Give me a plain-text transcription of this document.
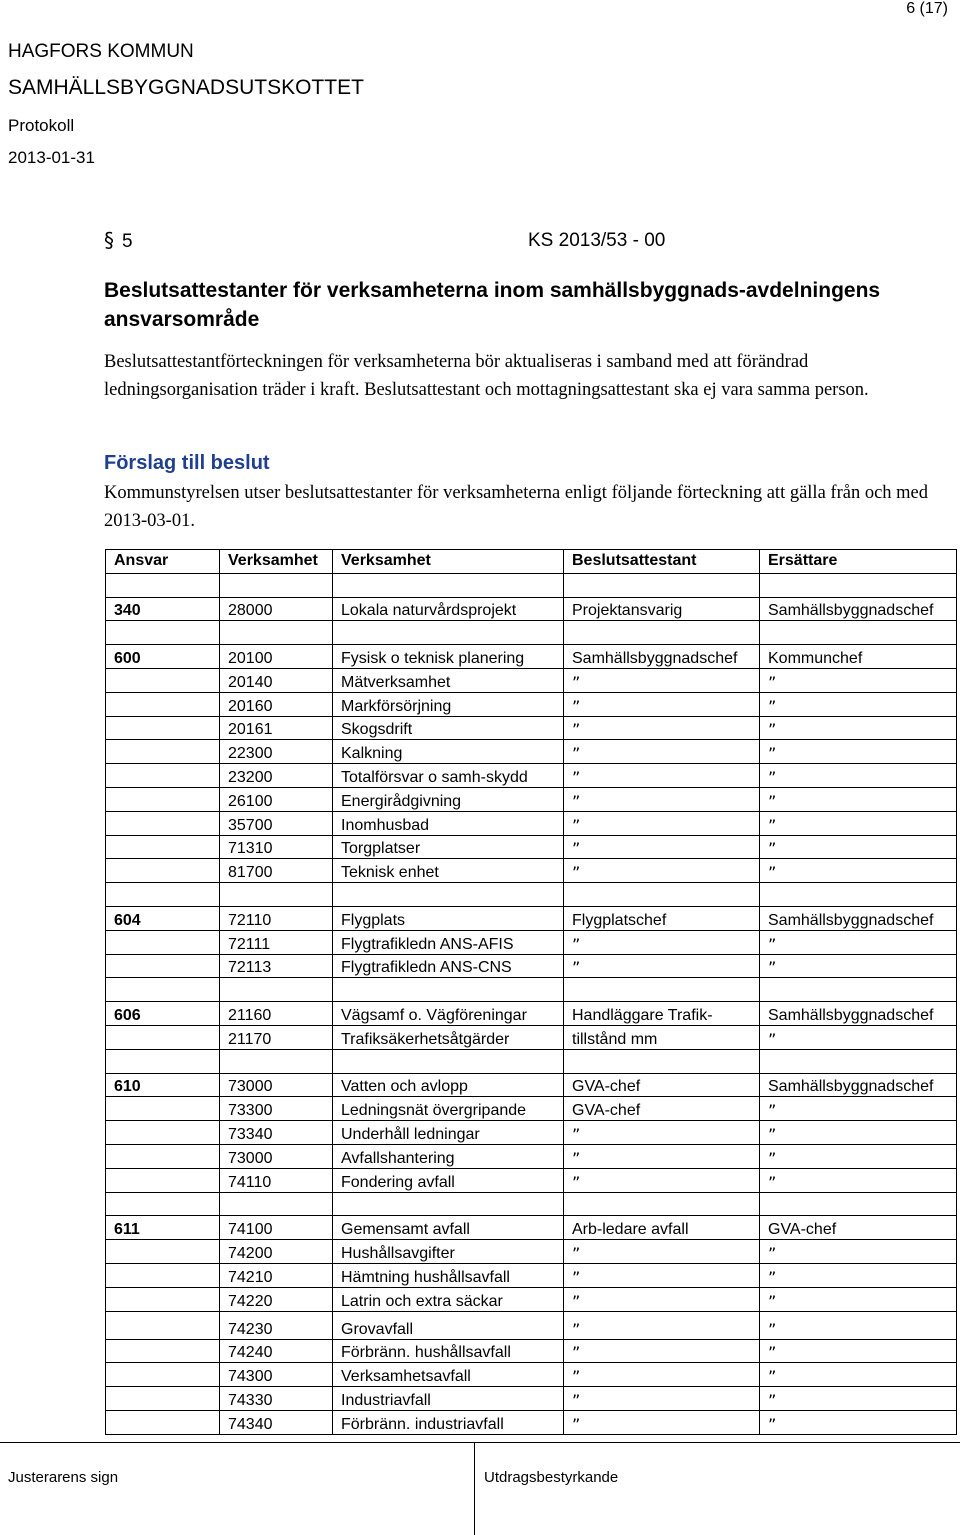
6 (17)
HAGFORS KOMMUN
SAMHÄLLSBYGGNADSUTSKOTTET
Protokoll
2013-01-31
§ 5	KS 2013/53 - 00
Beslutsattestanter för verksamheterna inom samhällsbyggnads-avdelningens ansvarsområde
Beslutsattestantförteckningen för verksamheterna bör aktualiseras i samband med att förändrad ledningsorganisation träder i kraft. Beslutsattestant och mottagningsattestant ska ej vara samma person.
Förslag till beslut
Kommunstyrelsen utser beslutsattestanter för verksamheterna enligt följande förteckning att gälla från och med 2013-03-01.
Ansvar	Verksamhet	Verksamhet	Beslutsattestant	Ersättare

340	28000	Lokala naturvårdsprojekt	Projektansvarig	Samhällsbyggnadschef

600	20100	Fysisk o teknisk planering	Samhällsbyggnadschef	Kommunchef
	20140	Mätverksamhet	”	”
	20160	Markförsörjning	”	”
	20161	Skogsdrift	”	”
	22300	Kalkning	”	”
	23200	Totalförsvar o samh-skydd	”	”
	26100	Energirådgivning	”	”
	35700	Inomhusbad	”	”
	71310	Torgplatser	”	”
	81700	Teknisk enhet	”	”

604	72110	Flygplats	Flygplatschef	Samhällsbyggnadschef
	72111	Flygtrafikledn ANS-AFIS	”	”
	72113	Flygtrafikledn ANS-CNS	”	”

606	21160	Vägsamf o. Vägföreningar	Handläggare Trafik-	Samhällsbyggnadschef
	21170	Trafiksäkerhetsåtgärder	tillstånd mm	”

610	73000	Vatten och avlopp	GVA-chef	Samhällsbyggnadschef
	73300	Ledningsnät övergripande	GVA-chef	”
	73340	Underhåll ledningar	”	”
	73000	Avfallshantering	”	”
	74110	Fondering avfall	”	”

611	74100	Gemensamt avfall	Arb-ledare avfall	GVA-chef
	74200	Hushållsavgifter	”	”
	74210	Hämtning hushållsavfall	”	”
	74220	Latrin och extra säckar	”	”
	74230	Grovavfall	”	”
	74240	Förbränn. hushållsavfall	”	”
	74300	Verksamhetsavfall	”	”
	74330	Industriavfall	”	”
	74340	Förbränn. industriavfall	”	”
Justerarens sign	Utdragsbestyrkande
